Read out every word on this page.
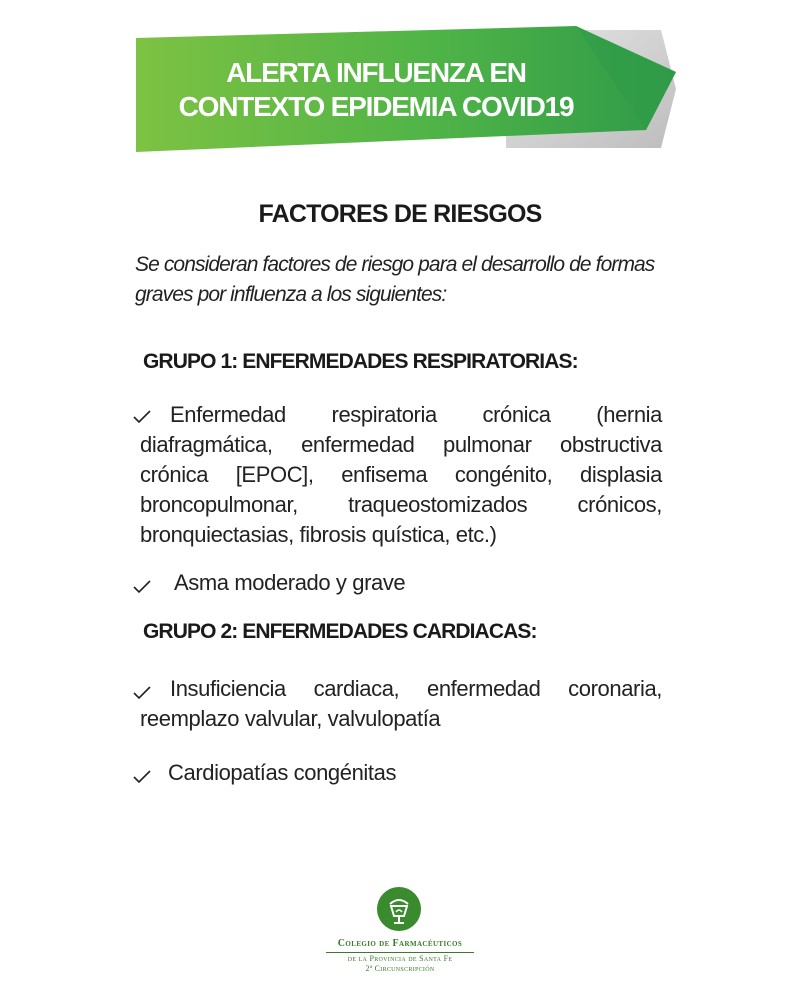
ALERTA INFLUENZA EN
CONTEXTO EPIDEMIA COVID19
FACTORES DE RIESGOS
Se consideran factores de riesgo para el desarrollo de formas graves por influenza a los siguientes:
GRUPO 1: ENFERMEDADES RESPIRATORIAS:
Enfermedad respiratoria crónica (hernia diafragmática, enfermedad pulmonar obstructiva crónica [EPOC], enfisema congénito, displasia broncopulmonar, traqueostomizados crónicos, bronquiectasias, fibrosis quística, etc.)
Asma moderado y grave
GRUPO 2: ENFERMEDADES CARDIACAS:
Insuficiencia cardiaca, enfermedad coronaria, reemplazo valvular, valvulopatía
Cardiopatías congénitas
Colegio de Farmacéuticos
de la Provincia de Santa Fe
2ª Circunscripción
